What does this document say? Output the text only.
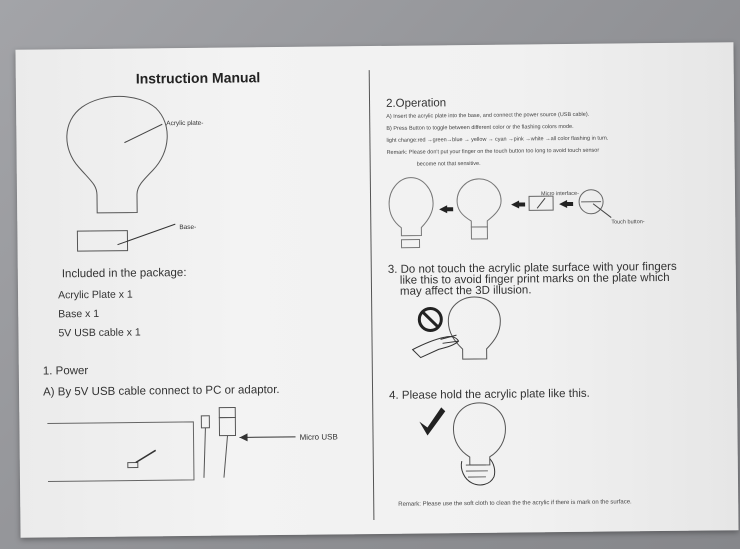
Instruction Manual
Acrylic plate-
Base-
Included in the package:
Acrylic Plate x 1
Base x 1
5V USB cable x 1
1. Power
A) By 5V USB cable connect to PC or adaptor.
Micro USB
2.Operation
A) Insert the acrylic plate into the base, and connect the power source (USB cable).
B) Press Button to toggle between different color or the flashing colors mode.
light change:red →green→blue → yellow → cyan →pink →white →all color flashing in turn.
Remark: Please don't put your finger on the touch button too long to avoid touch sensor
become not that sensitive.
Micro interface-
Touch button-
3. Do not touch the acrylic plate surface with your fingers
like this to avoid finger print marks on the plate which
may affect the 3D illusion.
4. Please hold the acrylic plate like this.
Remark: Please use the soft cloth to clean the the acrylic if there is mark on the surface.
